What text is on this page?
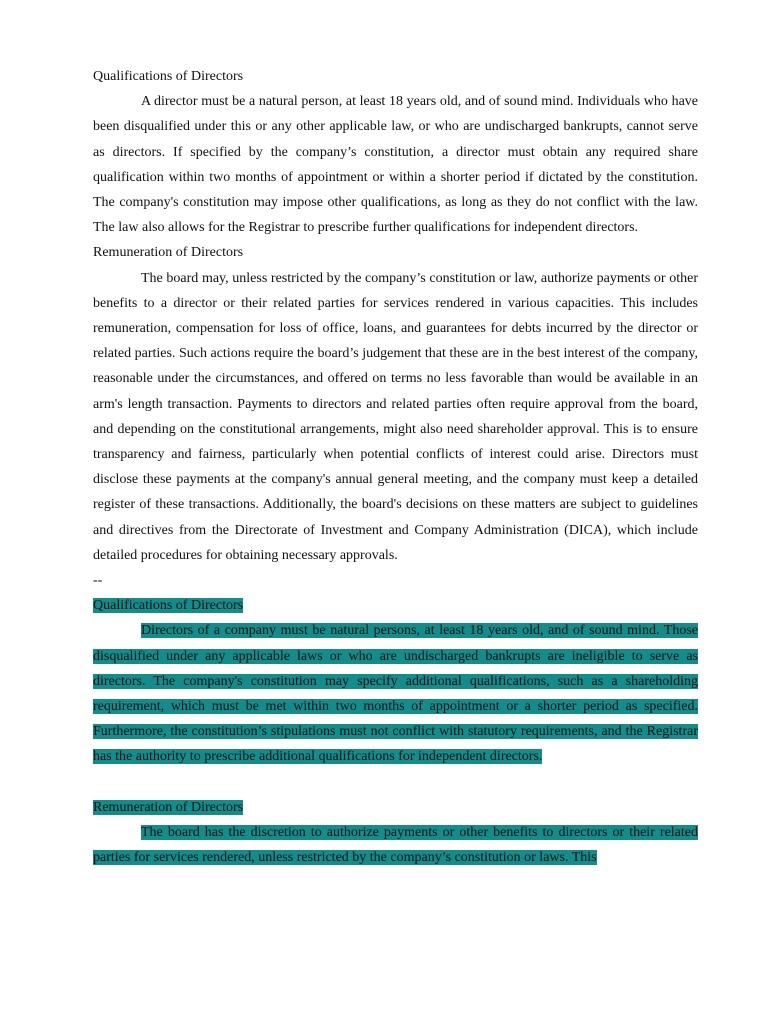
Qualifications of Directors

A director must be a natural person, at least 18 years old, and of sound mind. Individuals who have been disqualified under this or any other applicable law, or who are undischarged bankrupts, cannot serve as directors. If specified by the company’s constitution, a director must obtain any required share qualification within two months of appointment or within a shorter period if dictated by the constitution. The company's constitution may impose other qualifications, as long as they do not conflict with the law. The law also allows for the Registrar to prescribe further qualifications for independent directors.

Remuneration of Directors

The board may, unless restricted by the company’s constitution or law, authorize payments or other benefits to a director or their related parties for services rendered in various capacities. This includes remuneration, compensation for loss of office, loans, and guarantees for debts incurred by the director or related parties. Such actions require the board’s judgement that these are in the best interest of the company, reasonable under the circumstances, and offered on terms no less favorable than would be available in an arm's length transaction. Payments to directors and related parties often require approval from the board, and depending on the constitutional arrangements, might also need shareholder approval. This is to ensure transparency and fairness, particularly when potential conflicts of interest could arise. Directors must disclose these payments at the company's annual general meeting, and the company must keep a detailed register of these transactions. Additionally, the board's decisions on these matters are subject to guidelines and directives from the Directorate of Investment and Company Administration (DICA), which include detailed procedures for obtaining necessary approvals.

--

Qualifications of Directors

Directors of a company must be natural persons, at least 18 years old, and of sound mind. Those disqualified under any applicable laws or who are undischarged bankrupts are ineligible to serve as directors. The company's constitution may specify additional qualifications, such as a shareholding requirement, which must be met within two months of appointment or a shorter period as specified. Furthermore, the constitution’s stipulations must not conflict with statutory requirements, and the Registrar has the authority to prescribe additional qualifications for independent directors.

Remuneration of Directors

The board has the discretion to authorize payments or other benefits to directors or their related parties for services rendered, unless restricted by the company’s constitution or laws. This
